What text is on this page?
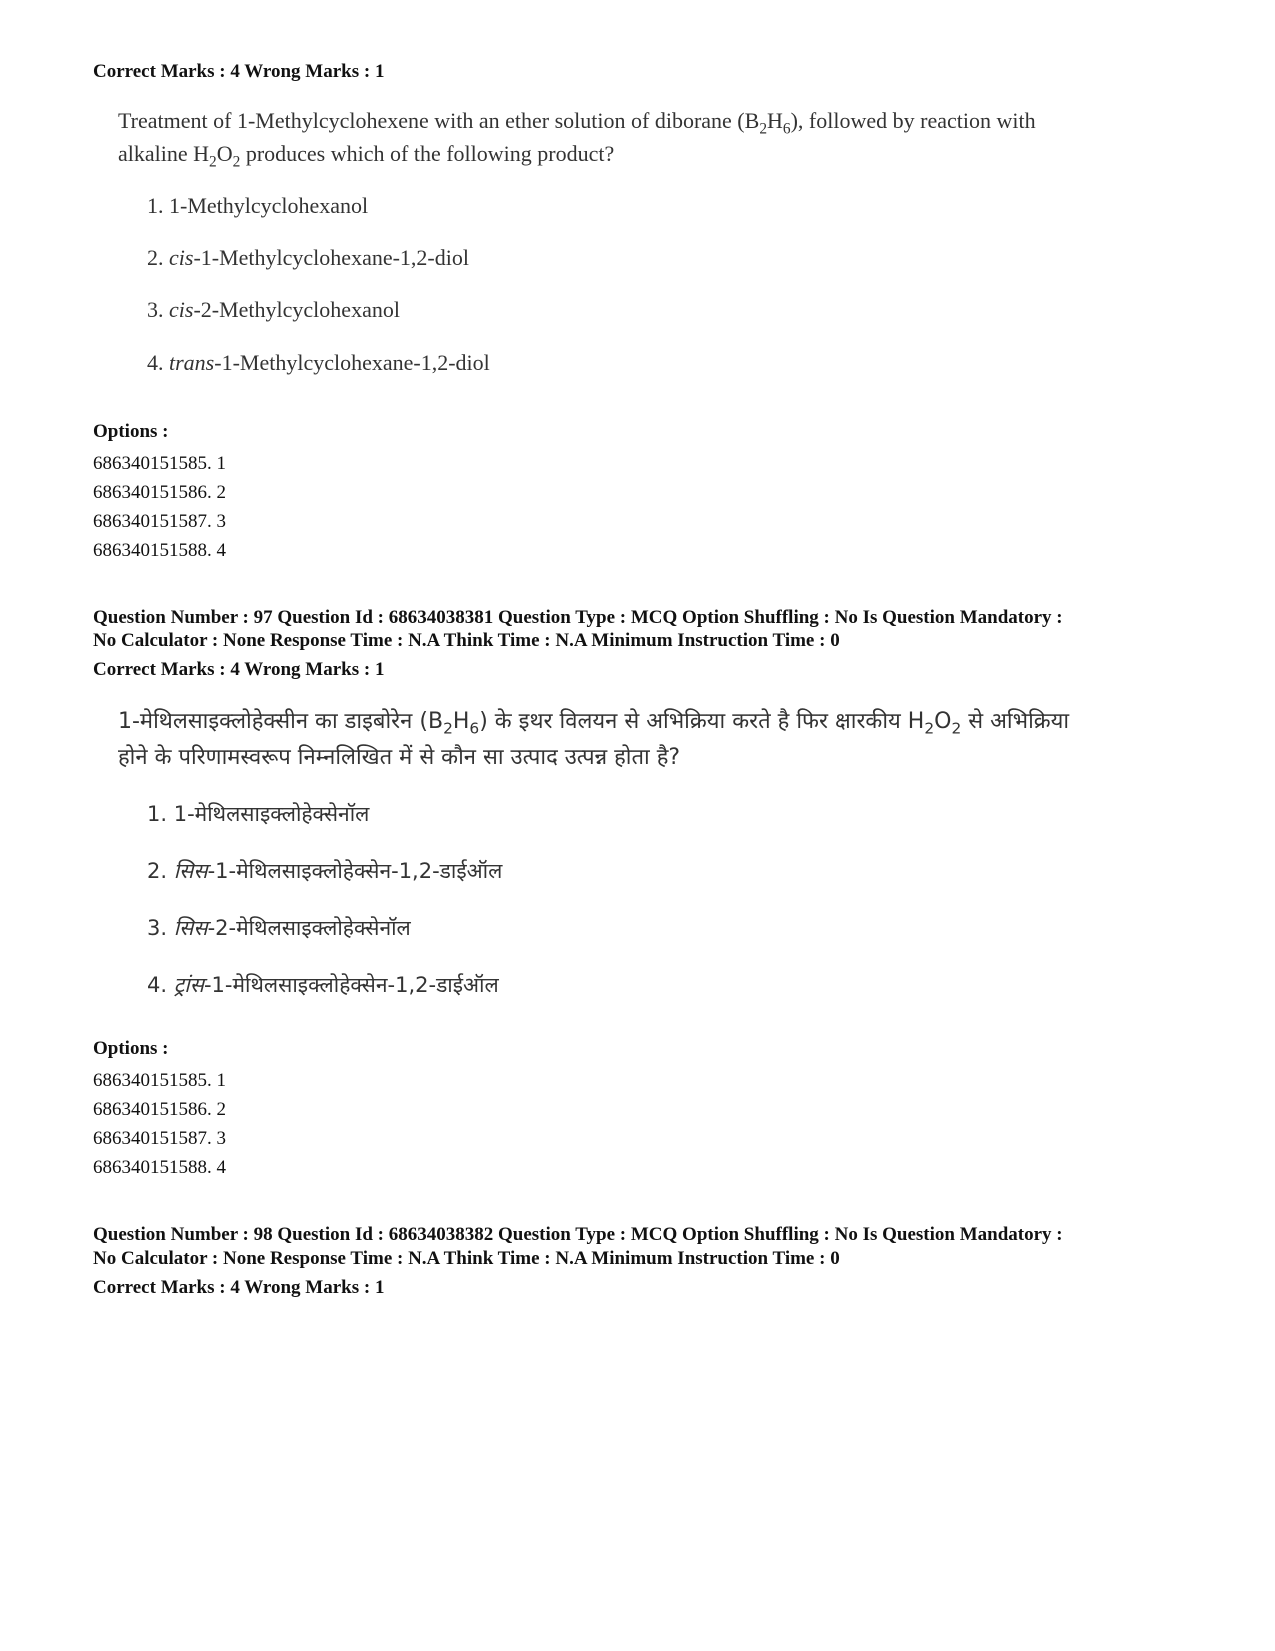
Correct Marks : 4 Wrong Marks : 1
Treatment of 1-Methylcyclohexene with an ether solution of diborane $(B_2H_6)$, followed by reaction with
alkaline $H_2O_2$ produces which of the following product?
1. 1-Methylcyclohexanol
2. cis-1-Methylcyclohexane-1,2-diol
3. cis-2-Methylcyclohexanol
4. trans-1-Methylcyclohexane-1,2-diol
Options :
686340151585. 1
686340151586. 2
686340151587. 3
686340151588. 4
Question Number : 97 Question Id : 68634038381 Question Type : MCQ Option Shuffling : No Is Question Mandatory :
No Calculator : None Response Time : N.A Think Time : N.A Minimum Instruction Time : 0
Correct Marks : 4 Wrong Marks : 1
1-मेथिलसाइक्लोहेक्सीन का डाइबोरेन $(B_2H_6)$ के इथर विलयन से अभिक्रिया करते है फिर क्षारकीय $H_2O_2$ से अभिक्रिया
होने के परिणामस्वरूप निम्नलिखित में से कौन सा उत्पाद उत्पन्न होता है?
1. 1-मेथिलसाइक्लोहेक्सेनॉल
2. सिस-1-मेथिलसाइक्लोहेक्सेन-1,2-डाईऑल
3. सिस-2-मेथिलसाइक्लोहेक्सेनॉल
4. ट्रांस-1-मेथिलसाइक्लोहेक्सेन-1,2-डाईऑल
Options :
686340151585. 1
686340151586. 2
686340151587. 3
686340151588. 4
Question Number : 98 Question Id : 68634038382 Question Type : MCQ Option Shuffling : No Is Question Mandatory :
No Calculator : None Response Time : N.A Think Time : N.A Minimum Instruction Time : 0
Correct Marks : 4 Wrong Marks : 1
